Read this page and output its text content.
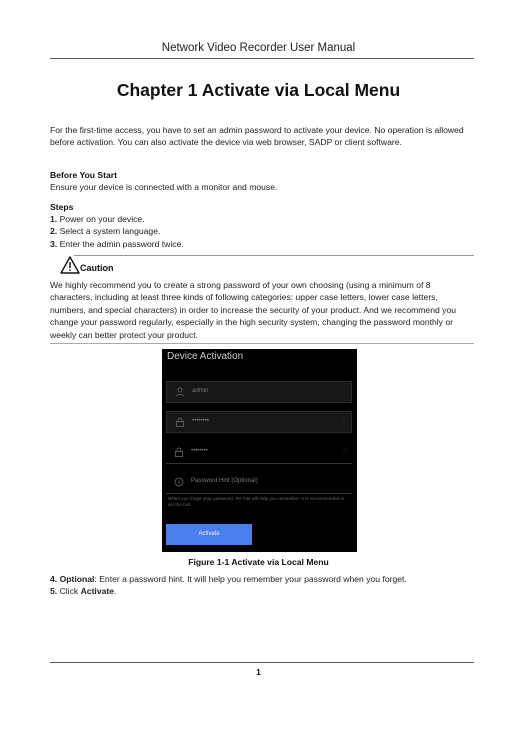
Network Video Recorder User Manual
Chapter 1 Activate via Local Menu

For the first-time access, you have to set an admin password to activate your device. No operation is allowed before activation. You can also activate the device via web browser, SADP or client software.

Before You Start

Ensure your device is connected with a monitor and mouse.

Steps
1. Power on your device.
2. Select a system language.
3. Enter the admin password twice.
Caution

We highly recommend you to create a strong password of your own choosing (using a minimum of 8 characters, including at least three kinds of following categories: upper case letters, lower case letters, numbers, and special characters) in order to increase the security of your product. And we recommend you change your password regularly, especially in the high security system, changing the password monthly or weekly can better protect your product.

Device Activation
admin
••••••••	◌
••••••••	◌
Password Hint (Optional)
When you forget your password, the hint will help you remember. It is recommended to set the hint.
Activate
Figure 1-1 Activate via Local Menu
4. Optional: Enter a password hint. It will help you remember your password when you forget.
5. Click Activate.
1
